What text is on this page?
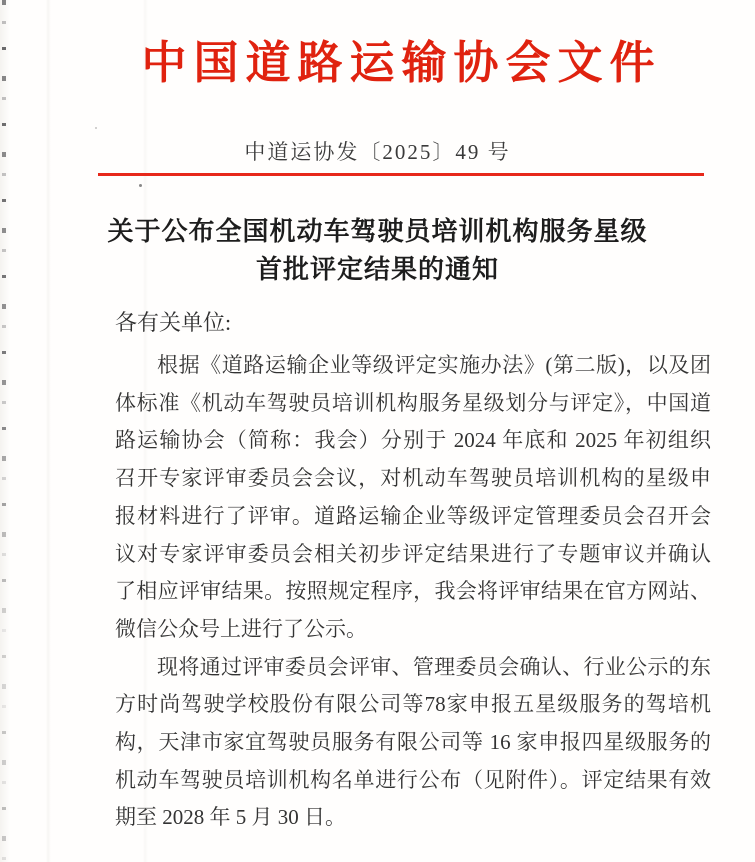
中国道路运输协会文件
中道运协发〔2025〕49 号
关于公布全国机动车驾驶员培训机构服务星级
首批评定结果的通知
各有关单位:
根据《道路运输企业等级评定实施办法》(第二版)，以及团
体标准《机动车驾驶员培训机构服务星级划分与评定》，中国道
路运输协会（简称：我会）分别于 2024 年底和 2025 年初组织
召开专家评审委员会会议，对机动车驾驶员培训机构的星级申
报材料进行了评审。道路运输企业等级评定管理委员会召开会
议对专家评审委员会相关初步评定结果进行了专题审议并确认
了相应评审结果。按照规定程序，我会将评审结果在官方网站、
微信公众号上进行了公示。
现将通过评审委员会评审、管理委员会确认、行业公示的东
方时尚驾驶学校股份有限公司等78家申报五星级服务的驾培机
构，天津市家宜驾驶员服务有限公司等 16 家申报四星级服务的
机动车驾驶员培训机构名单进行公布（见附件）。评定结果有效
期至 2028 年 5 月 30 日。
